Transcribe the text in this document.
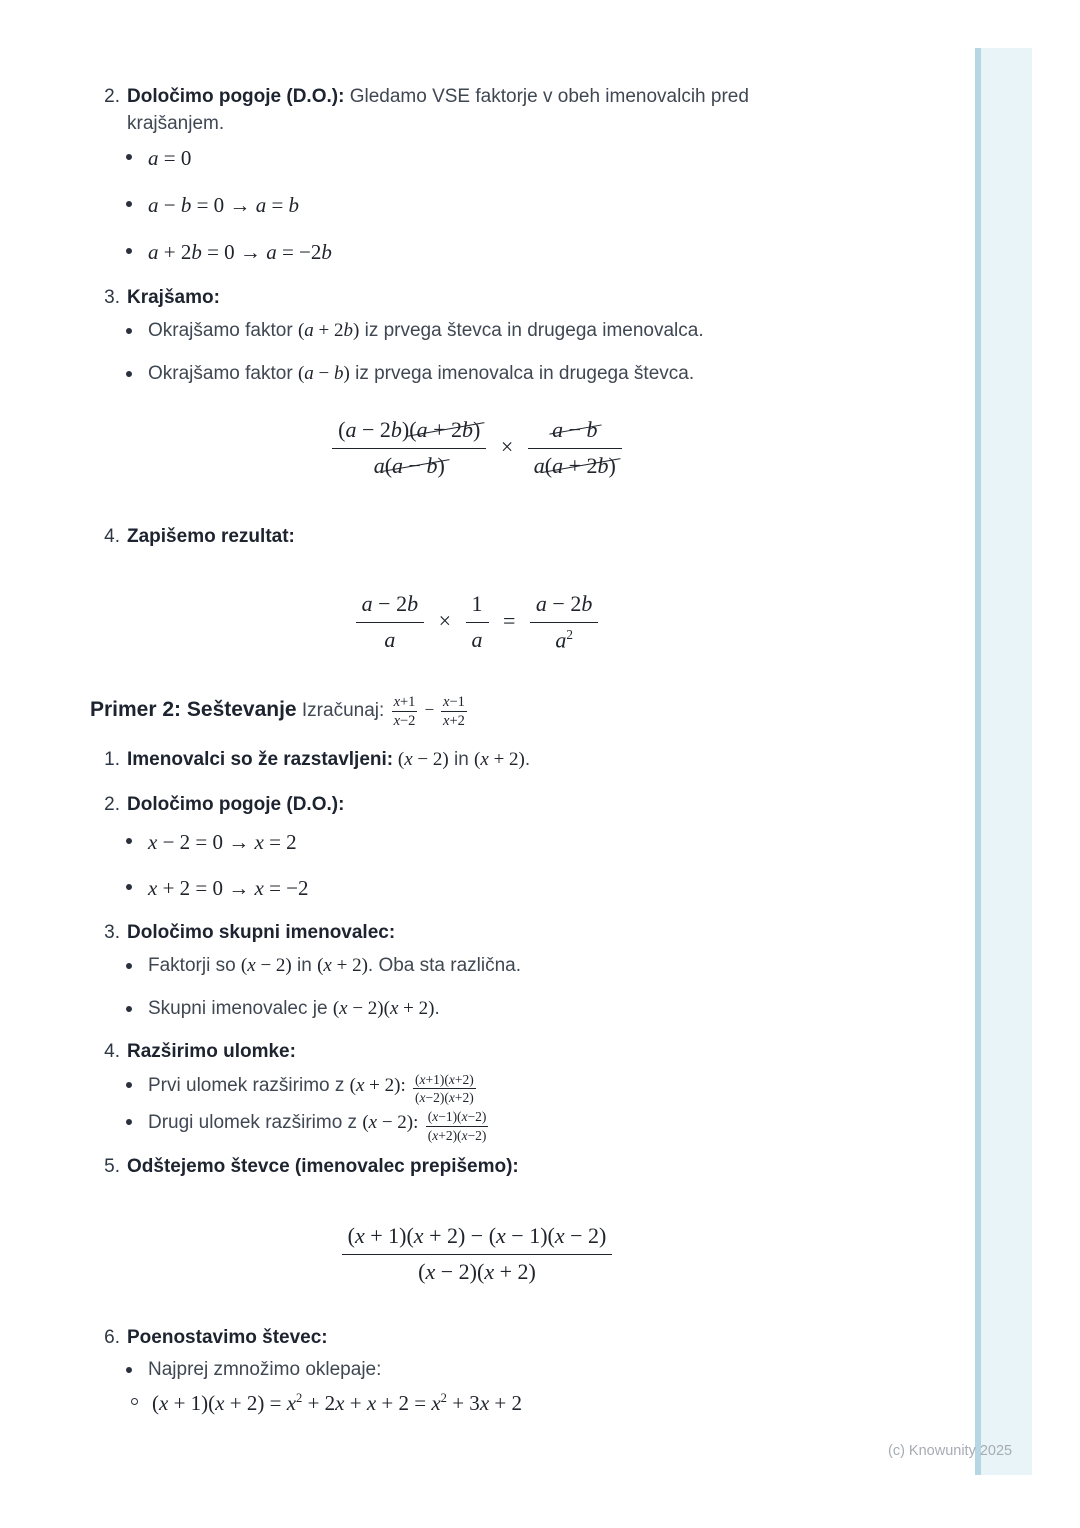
2. Določimo pogoje (D.O.): Gledamo VSE faktorje v obeh imenovalcih pred krajšanjem.
a = 0
a − b = 0 → a = b
a + 2b = 0 → a = −2b
3. Krajšamo:
Okrajšamo faktor (a + 2b) iz prvega števca in drugega imenovalca.
Okrajšamo faktor (a − b) iz prvega imenovalca in drugega števca.
$\frac{(a - 2b)(a + 2b)}{a(a - b)} \times \frac{a - b}{a(a + 2b)}$
4. Zapišemo rezultat:
$\frac{a - 2b}{a} \times \frac{1}{a} = \frac{a - 2b}{a^2}$
Primer 2: Seštevanje Izračunaj: $\frac{x+1}{x-2} - \frac{x-1}{x+2}$
1. Imenovalci so že razstavljeni: (x − 2) in (x + 2).
2. Določimo pogoje (D.O.):
x − 2 = 0 → x = 2
x + 2 = 0 → x = −2
3. Določimo skupni imenovalec:
Faktorji so (x − 2) in (x + 2). Oba sta različna.
Skupni imenovalec je (x − 2)(x + 2).
4. Razširimo ulomke:
Prvi ulomek razširimo z (x + 2): $\frac{(x+1)(x+2)}{(x-2)(x+2)}$
Drugi ulomek razširimo z (x − 2): $\frac{(x-1)(x-2)}{(x+2)(x-2)}$
5. Odštejemo števce (imenovalec prepišemo):
$\frac{(x + 1)(x + 2) - (x - 1)(x - 2)}{(x - 2)(x + 2)}$
6. Poenostavimo števec:
Najprej zmnožimo oklepaje:
$(x + 1)(x + 2) = x^2 + 2x + x + 2 = x^2 + 3x + 2$
(c) Knowunity 2025
